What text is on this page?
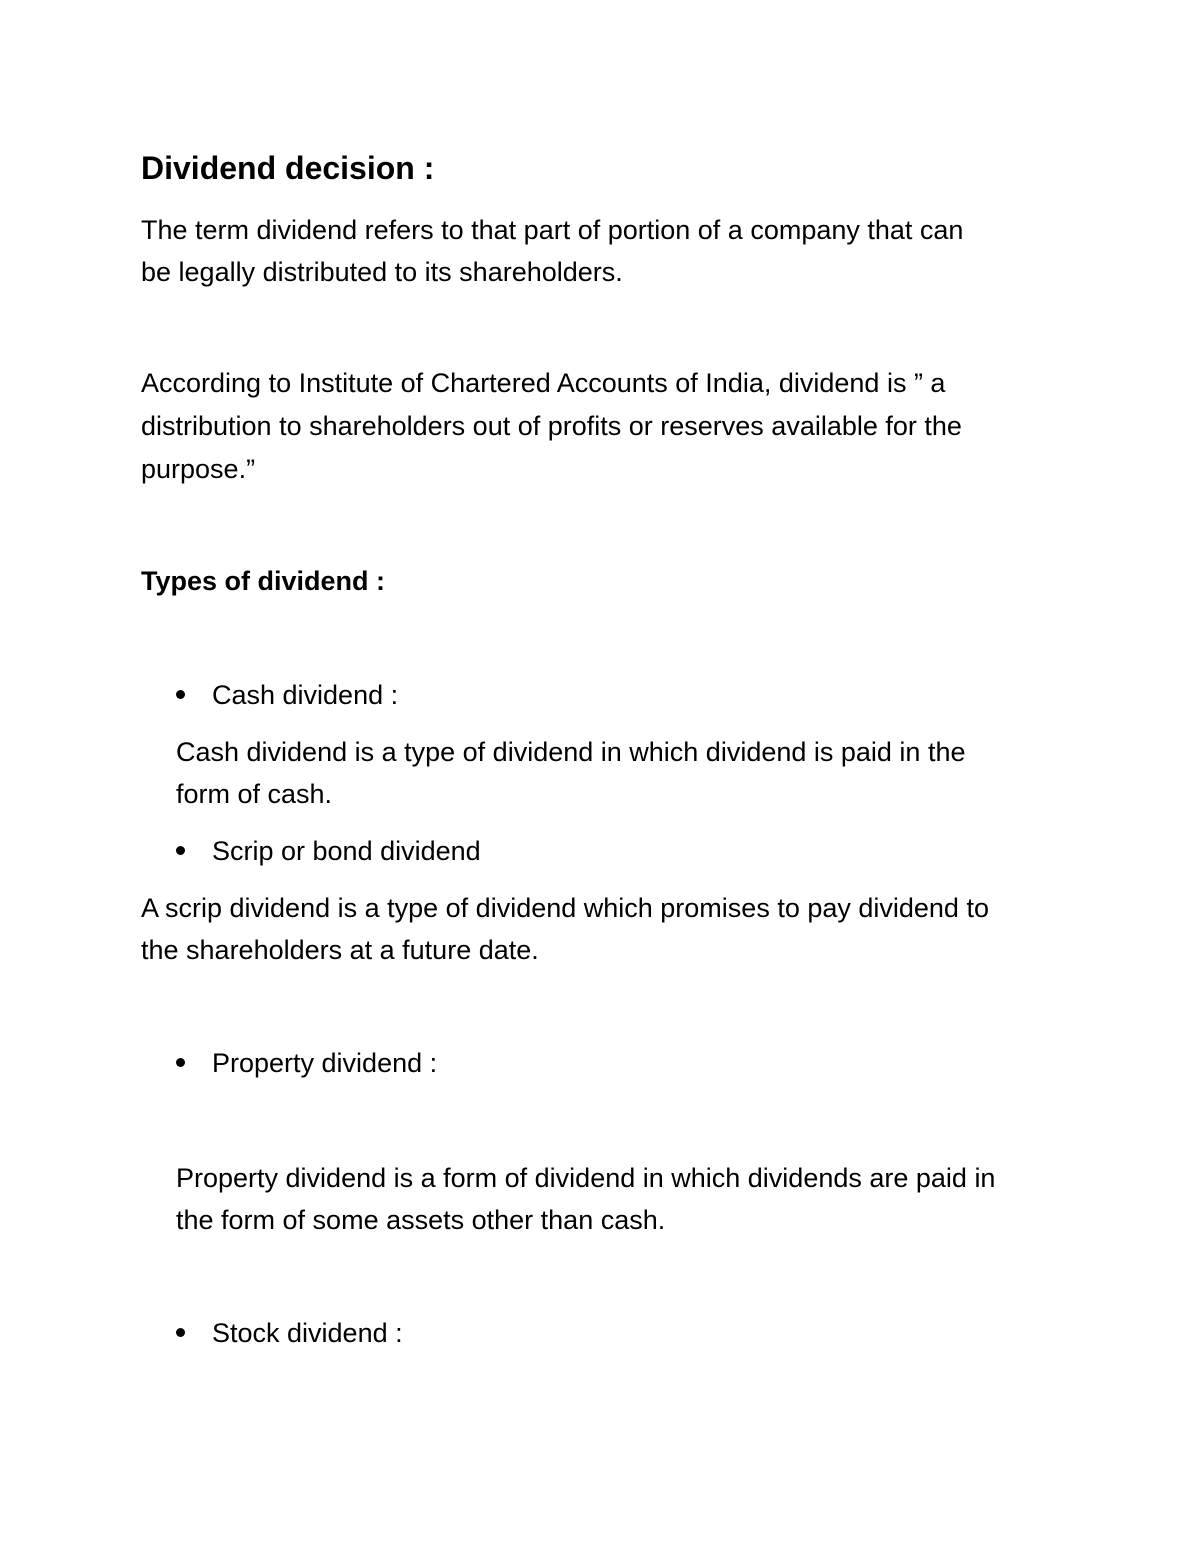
Dividend decision :
The term dividend refers to that part of portion of a company that can
be legally distributed to its shareholders.
According to Institute of Chartered Accounts of India, dividend is ” a
distribution to shareholders out of profits or reserves available for the
purpose.”
Types of dividend :
Cash dividend :
Cash dividend is a type of dividend in which dividend is paid in the
form of cash.
Scrip or bond dividend
A scrip dividend is a type of dividend which promises to pay dividend to
the shareholders at a future date.
Property dividend :
Property dividend is a form of dividend in which dividends are paid in
the form of some assets other than cash.
Stock dividend :
